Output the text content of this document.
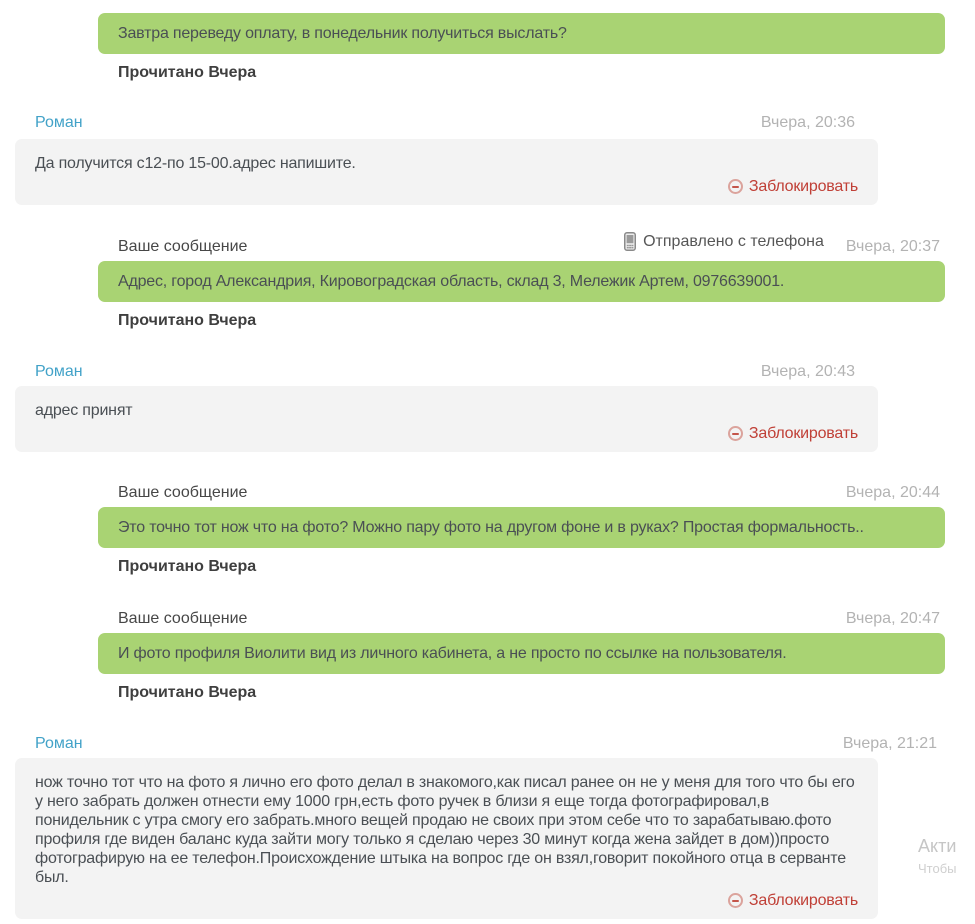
Завтра переведу оплату, в понедельник получиться выслать?

Прочитано Вчера
Роман	Вчера, 20:36

Да получится с12-по 15-00.адрес напишите.

Заблокировать
Ваше сообщение	Отправлено с телефона Вчера, 20:37

Адрес, город Александрия, Кировоградская область, склад 3, Мележик Артем, 0976639001.

Прочитано Вчера
Роман	Вчера, 20:43

адрес принят

Заблокировать
Ваше сообщение	Вчера, 20:44

Это точно тот нож что на фото? Можно пару фото на другом фоне и в руках? Простая формальность..

Прочитано Вчера
Ваше сообщение	Вчера, 20:47

И фото профиля Виолити вид из личного кабинета, а не просто по ссылке на пользователя.

Прочитано Вчера
Роман	Вчера, 21:21

нож точно тот что на фото я лично его фото делал в знакомого,как писал ранее он не у меня для того что бы его у него забрать должен отнести ему 1000 грн,есть фото ручек в близи я еще тогда фотографировал,в понидельник с утра смогу его забрать.много вещей продаю не своих при этом себе что то зарабатываю.фото профиля где виден баланс куда зайти могу только я сделаю через 30 минут когда жена зайдет в дом))просто фотографирую на ее телефон.Происхождение штыка на вопрос где он взял,говорит покойного отца в серванте был.

Заблокировать
Акти
Чтобы
